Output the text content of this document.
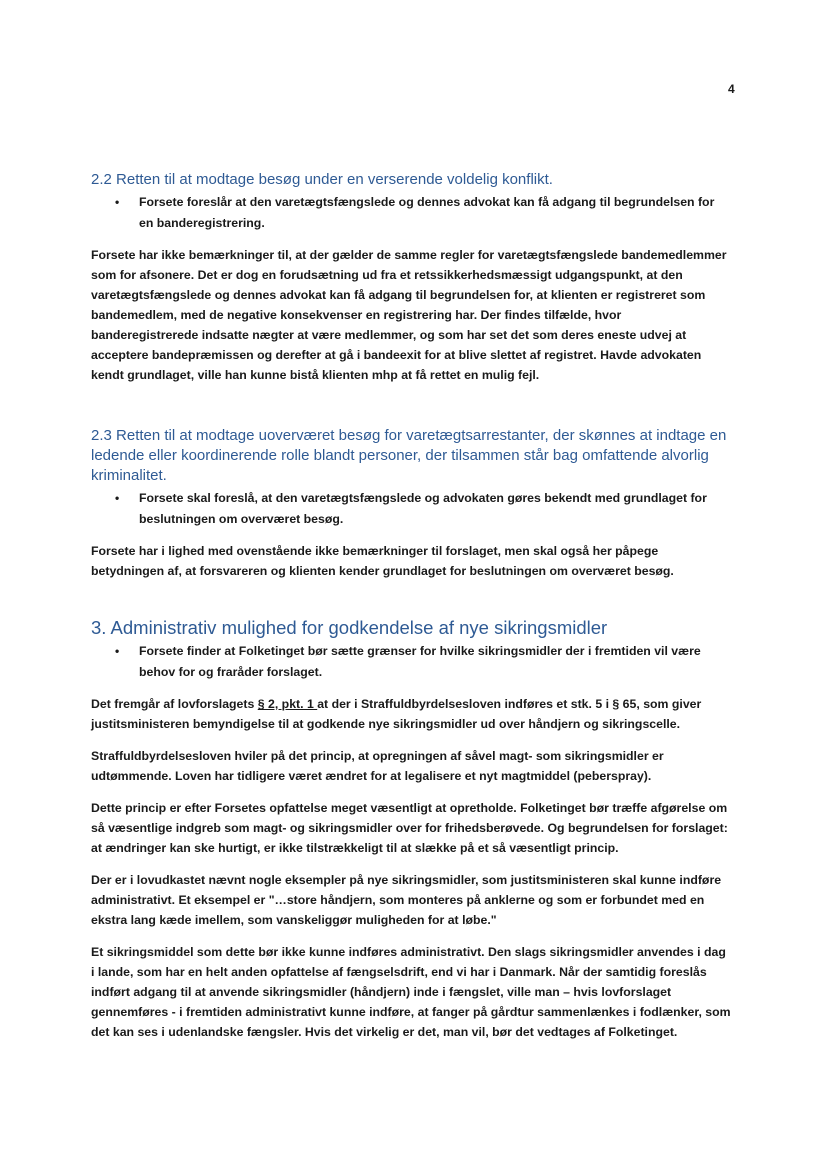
4
2.2 Retten til at modtage besøg under en verserende voldelig konflikt.
• Forsete foreslår at den varetægtsfængslede og dennes advokat kan få adgang til begrundelsen for en banderegistrering.

Forsete har ikke bemærkninger til, at der gælder de samme regler for varetægtsfængslede bandemedlemmer som for afsonere. Det er dog en forudsætning ud fra et retssikkerhedsmæssigt udgangspunkt, at den varetægtsfængslede og dennes advokat kan få adgang til begrundelsen for, at klienten er registreret som bandemedlem, med de negative konsekvenser en registrering har. Der findes tilfælde, hvor banderegistrerede indsatte nægter at være medlemmer, og som har set det som deres eneste udvej at acceptere bandepræmissen og derefter at gå i bandeexit for at blive slettet af registret. Havde advokaten kendt grundlaget, ville han kunne bistå klienten mhp at få rettet en mulig fejl.

2.3 Retten til at modtage uoverværet besøg for varetægtsarrestanter, der skønnes at indtage en ledende eller koordinerende rolle blandt personer, der tilsammen står bag omfattende alvorlig kriminalitet.
• Forsete skal foreslå, at den varetægtsfængslede og advokaten gøres bekendt med grundlaget for beslutningen om overværet besøg.

Forsete har i lighed med ovenstående ikke bemærkninger til forslaget, men skal også her påpege betydningen af, at forsvareren og klienten kender grundlaget for beslutningen om overværet besøg.

3. Administrativ mulighed for godkendelse af nye sikringsmidler
• Forsete finder at Folketinget bør sætte grænser for hvilke sikringsmidler der i fremtiden vil være behov for og fraråder forslaget.

Det fremgår af lovforslagets § 2, pkt. 1 at der i Straffuldbyrdelsesloven indføres et stk. 5 i § 65, som giver justitsministeren bemyndigelse til at godkende nye sikringsmidler ud over håndjern og sikringscelle.

Straffuldbyrdelsesloven hviler på det princip, at opregningen af såvel magt- som sikringsmidler er udtømmende. Loven har tidligere været ændret for at legalisere et nyt magtmiddel (peberspray).

Dette princip er efter Forsetes opfattelse meget væsentligt at opretholde. Folketinget bør træffe afgørelse om så væsentlige indgreb som magt- og sikringsmidler over for frihedsberøvede. Og begrundelsen for forslaget: at ændringer kan ske hurtigt, er ikke tilstrækkeligt til at slække på et så væsentligt princip.

Der er i lovudkastet nævnt nogle eksempler på nye sikringsmidler, som justitsministeren skal kunne indføre administrativt. Et eksempel er "…store håndjern, som monteres på anklerne og som er forbundet med en ekstra lang kæde imellem, som vanskeliggør muligheden for at løbe."

Et sikringsmiddel som dette bør ikke kunne indføres administrativt. Den slags sikringsmidler anvendes i dag i lande, som har en helt anden opfattelse af fængselsdrift, end vi har i Danmark. Når der samtidig foreslås indført adgang til at anvende sikringsmidler (håndjern) inde i fængslet, ville man – hvis lovforslaget gennemføres - i fremtiden administrativt kunne indføre, at fanger på gårdtur sammenlænkes i fodlænker, som det kan ses i udenlandske fængsler. Hvis det virkelig er det, man vil, bør det vedtages af Folketinget.
